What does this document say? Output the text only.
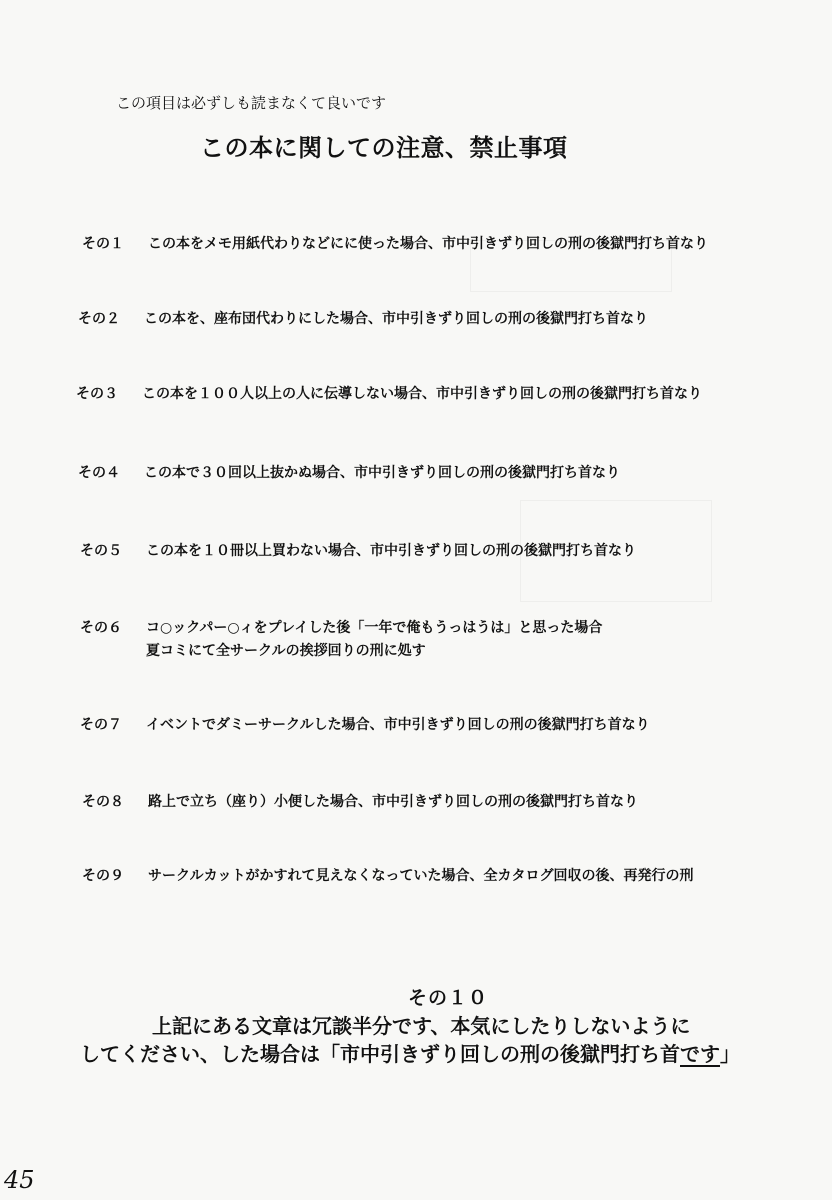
この項目は必ずしも読まなくて良いです
この本に関しての注意、禁止事項
その１ この本をメモ用紙代わりなどにに使った場合、市中引きずり回しの刑の後獄門打ち首なり
その２ この本を、座布団代わりにした場合、市中引きずり回しの刑の後獄門打ち首なり
その３ この本を１００人以上の人に伝導しない場合、市中引きずり回しの刑の後獄門打ち首なり
その４ この本で３０回以上抜かぬ場合、市中引きずり回しの刑の後獄門打ち首なり
その５ この本を１０冊以上買わない場合、市中引きずり回しの刑の後獄門打ち首なり
その６ コ○ックパー○ィをプレイした後「一年で俺もうっはうは」と思った場合
夏コミにて全サークルの挨拶回りの刑に処す
その７ イベントでダミーサークルした場合、市中引きずり回しの刑の後獄門打ち首なり
その８ 路上で立ち（座り）小便した場合、市中引きずり回しの刑の後獄門打ち首なり
その９ サークルカットがかすれて見えなくなっていた場合、全カタログ回収の後、再発行の刑
その１０
上記にある文章は冗談半分です、本気にしたりしないように
してください、した場合は「市中引きずり回しの刑の後獄門打ち首です」
45
